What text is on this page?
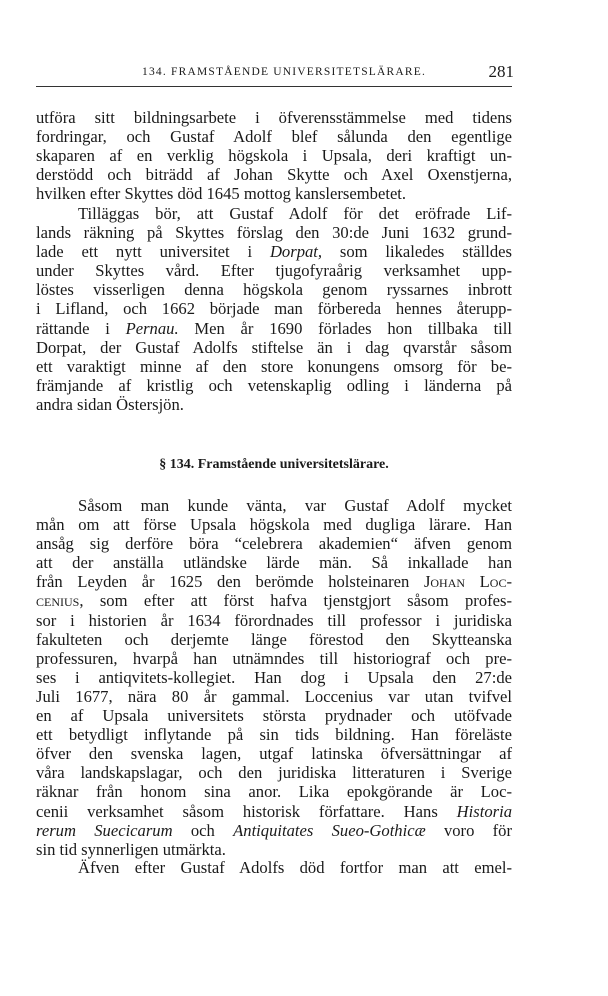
134. FRAMSTÅENDE UNIVERSITETSLÄRARE.	281
utföra sitt bildningsarbete i öfverensstämmelse med tidens
fordringar, och Gustaf Adolf blef sålunda den egentlige
skaparen af en verklig högskola i Upsala, deri kraftigt un-
derstödd och biträdd af Johan Skytte och Axel Oxenstjerna,
hvilken efter Skyttes död 1645 mottog kanslersembetet.
Tilläggas bör, att Gustaf Adolf för det eröfrade Lif-
lands räkning på Skyttes förslag den 30:de Juni 1632 grund-
lade ett nytt universitet i Dorpat, som likaledes ställdes
under Skyttes vård. Efter tjugofyraårig verksamhet upp-
löstes visserligen denna högskola genom ryssarnes inbrott
i Lifland, och 1662 började man förbereda hennes återupp-
rättande i Pernau. Men år 1690 förlades hon tillbaka till
Dorpat, der Gustaf Adolfs stiftelse än i dag qvarstår såsom
ett varaktigt minne af den store konungens omsorg för be-
främjande af kristlig och vetenskaplig odling i länderna på
andra sidan Östersjön.
§ 134. Framstående universitetslärare.
Såsom man kunde vänta, var Gustaf Adolf mycket
mån om att förse Upsala högskola med dugliga lärare. Han
ansåg sig derföre böra “celebrera akademien“ äfven genom
att der anställa utländske lärde män. Så inkallade han
från Leyden år 1625 den berömde holsteinaren Johan Loc-
cenius, som efter att först hafva tjenstgjort såsom profes-
sor i historien år 1634 förordnades till professor i juridiska
fakulteten och derjemte länge förestod den Skytteanska
professuren, hvarpå han utnämndes till historiograf och pre-
ses i antiqvitets-kollegiet. Han dog i Upsala den 27:de
Juli 1677, nära 80 år gammal. Loccenius var utan tvifvel
en af Upsala universitets största prydnader och utöfvade
ett betydligt inflytande på sin tids bildning. Han föreläste
öfver den svenska lagen, utgaf latinska öfversättningar af
våra landskapslagar, och den juridiska litteraturen i Sverige
räknar från honom sina anor. Lika epokgörande är Loc-
cenii verksamhet såsom historisk författare. Hans Historia
rerum Suecicarum och Antiquitates Sueo-Gothicæ voro för
sin tid synnerligen utmärkta.
Äfven efter Gustaf Adolfs död fortfor man att emel-
